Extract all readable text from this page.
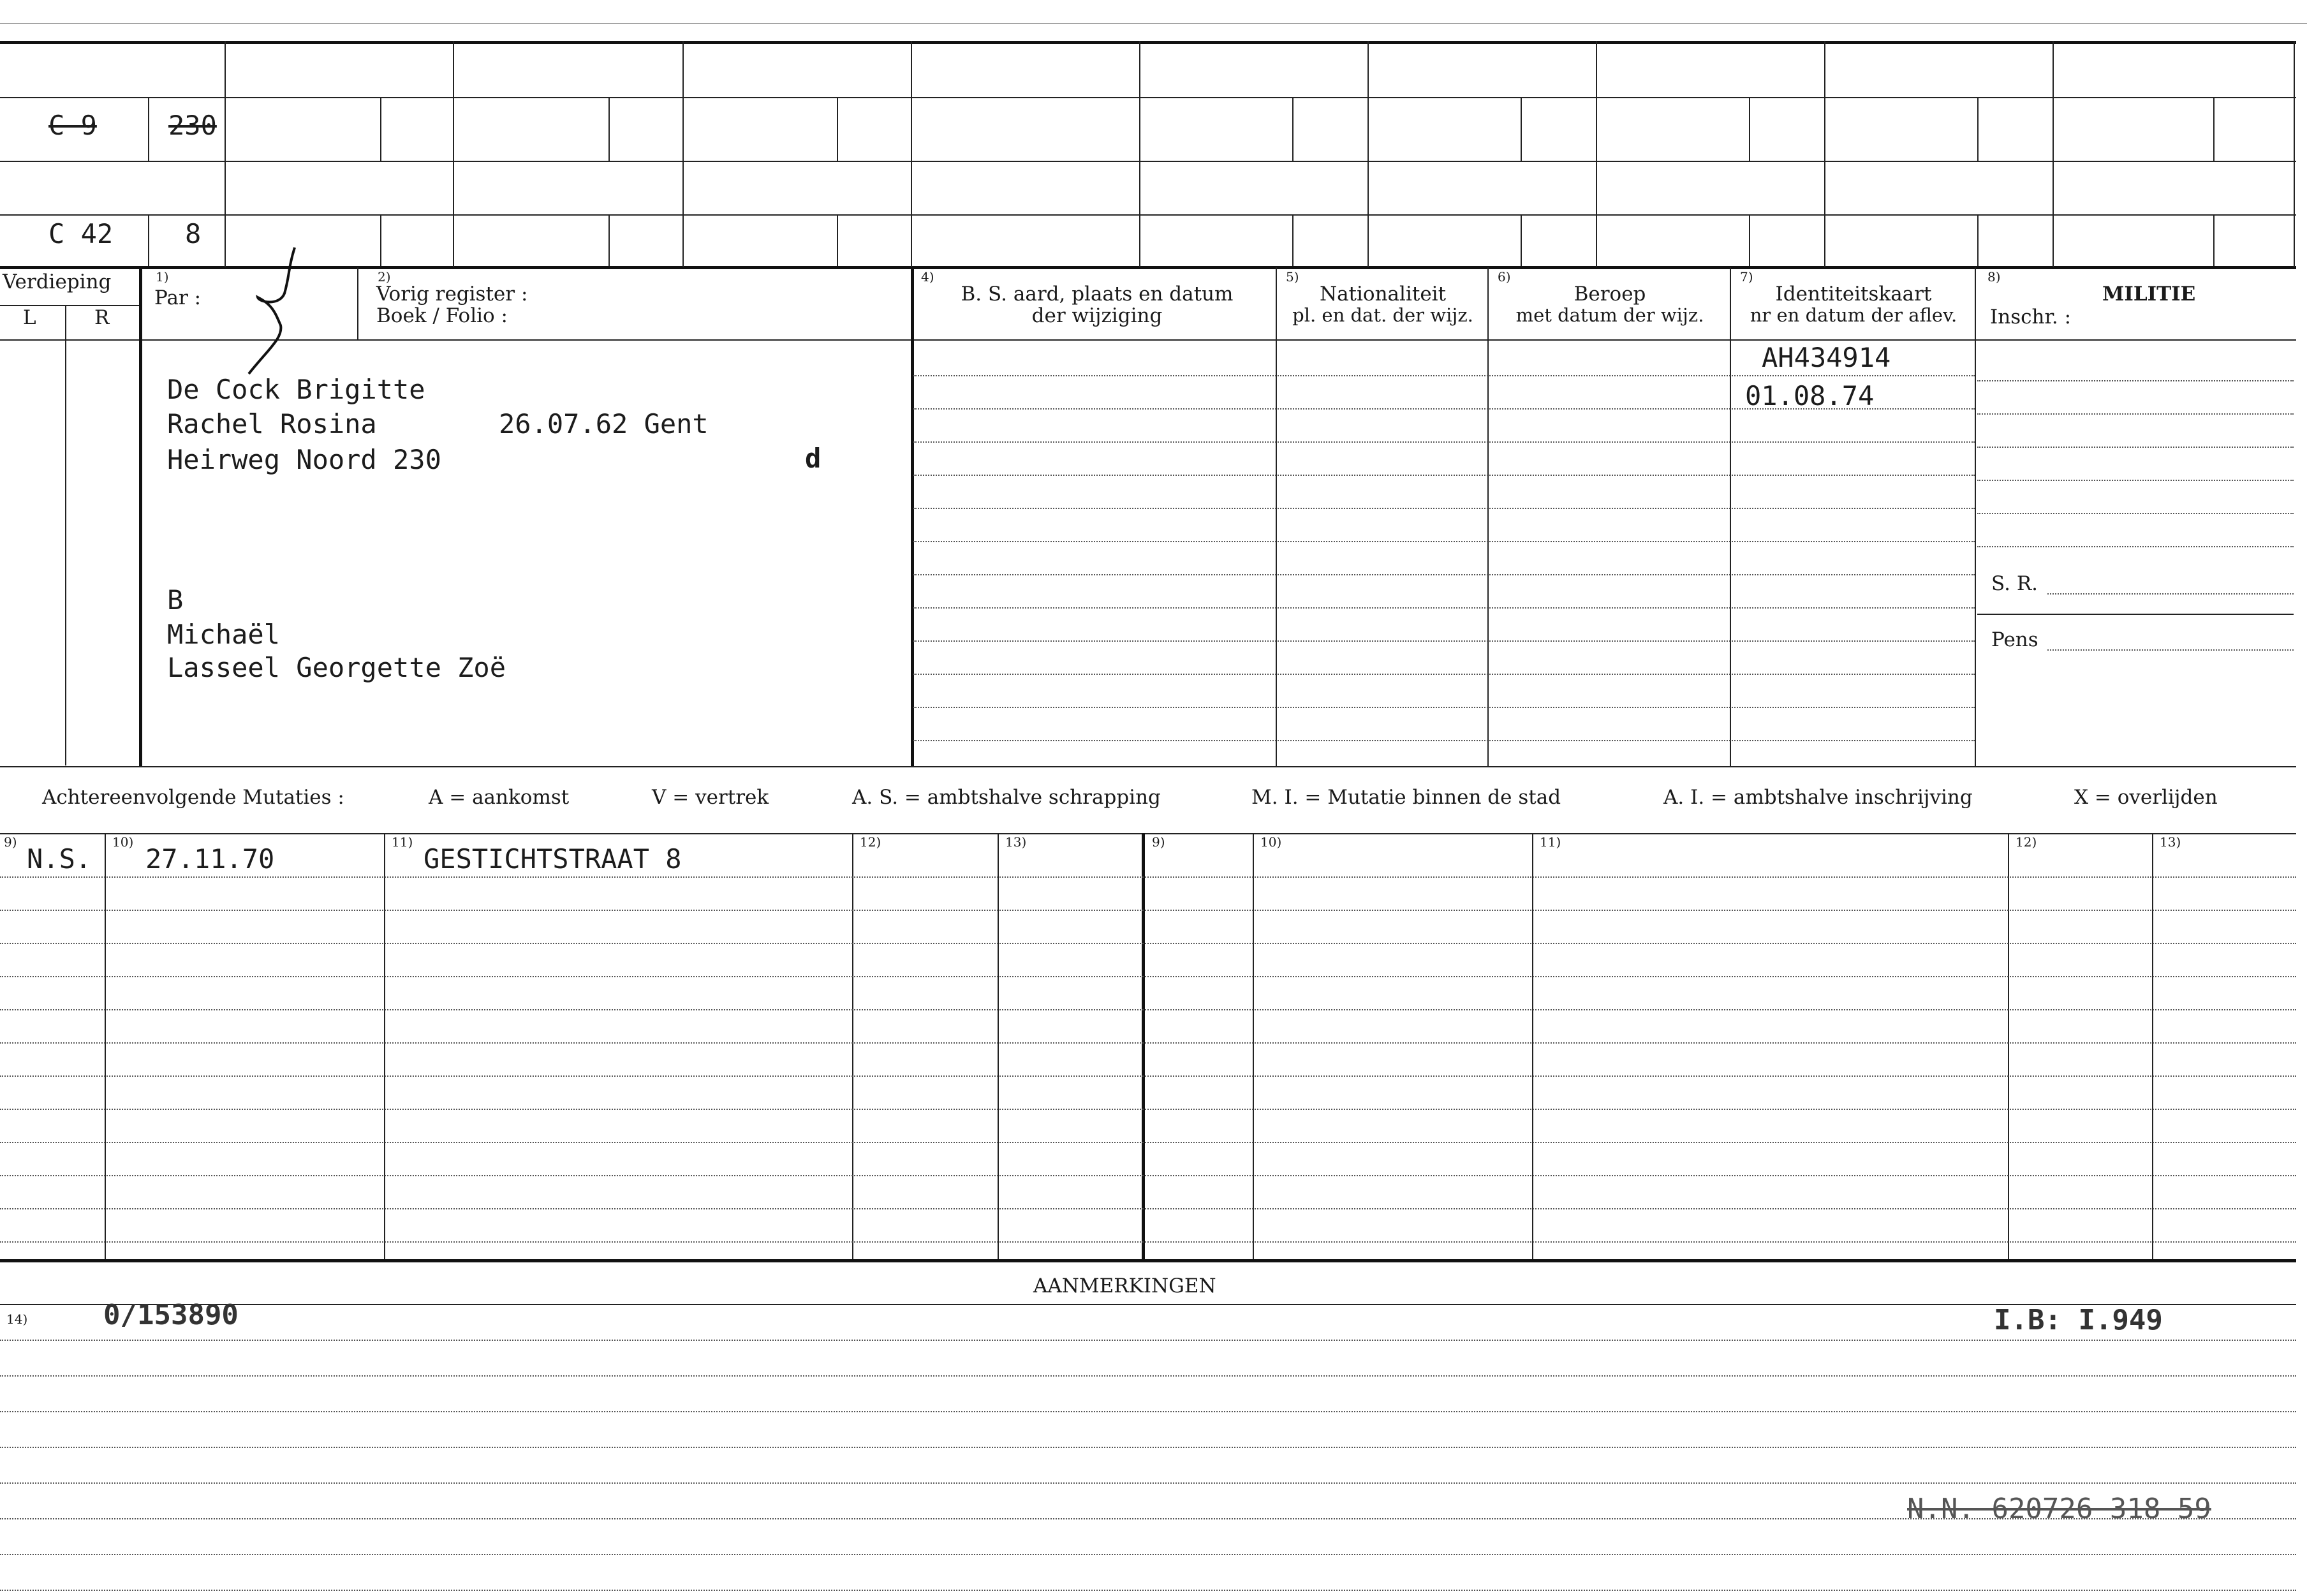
C 9	230
C 42	8
Verdieping
L	R
1)
Par :
2)
Vorig register :
Boek / Folio :
4)
B. S. aard, plaats en datum
der wijziging
5)
Nationaliteit
pl. en dat. der wijz.
6)
Beroep
met datum der wijz.
7)
Identiteitskaart
nr en datum der aflev.
8)
MILITIE
Inschr. :
De Cock Brigitte
Rachel Rosina	26.07.62 Gent
Heirweg Noord 230	d
B
Michaël
Lasseel Georgette Zoë
AH434914
01.08.74
S. R.
Pens
Achtereenvolgende Mutaties :	A = aankomst	V = vertrek	A. S. = ambtshalve schrapping	M. I. = Mutatie binnen de stad	A. I. = ambtshalve inschrijving	X = overlijden
9)	10)	11)	12)	13)	9)	10)	11)	12)	13)
N.S. 27.11.70	GESTICHTSTRAAT 8
AANMERKINGEN
14)	0/153890	I.B: I.949
N.N. 620726 318 59
